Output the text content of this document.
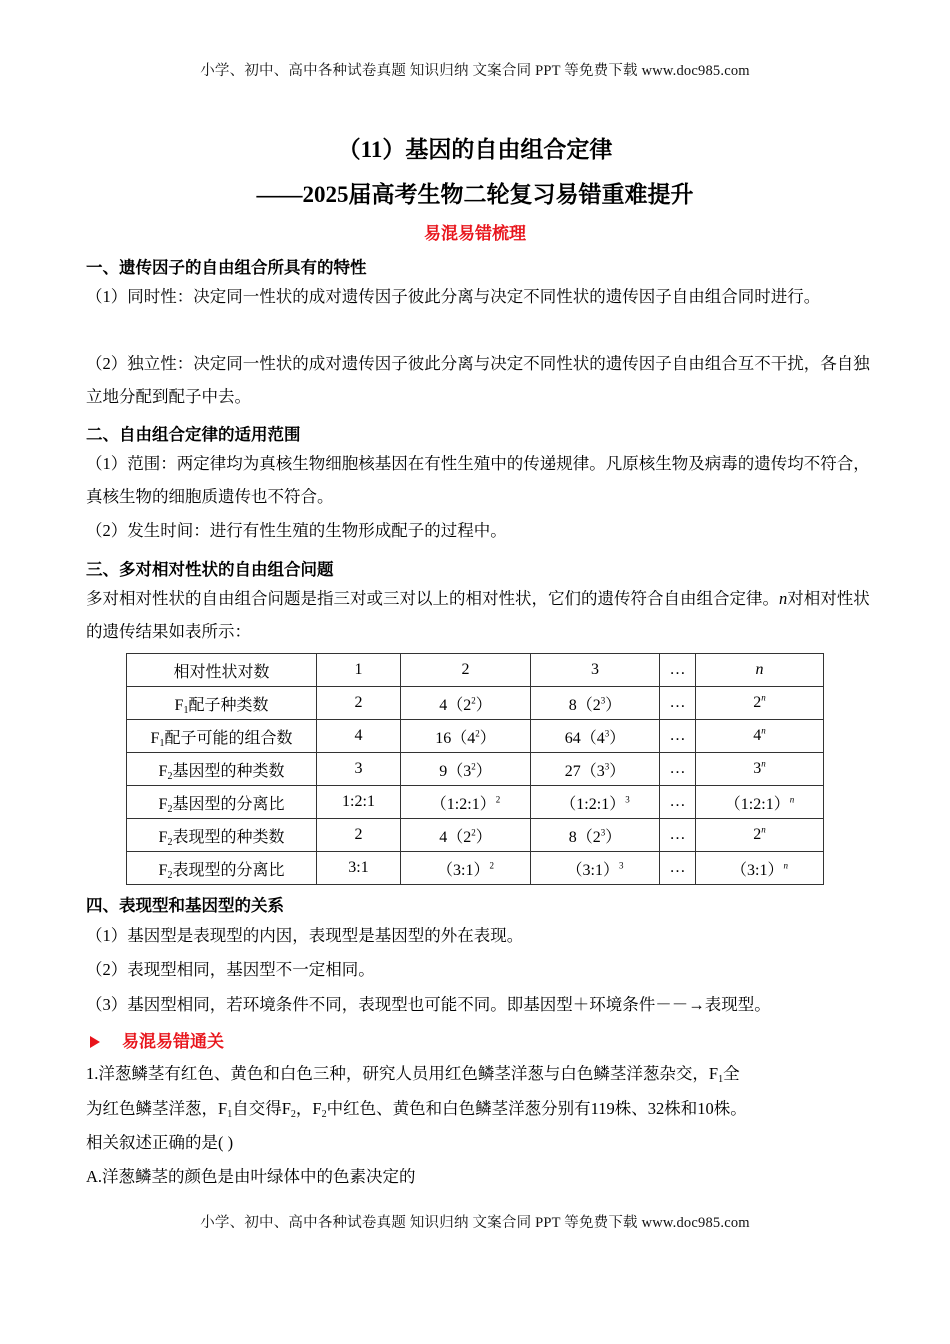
小学、初中、高中各种试卷真题 知识归纳 文案合同 PPT 等免费下载 www.doc985.com
（11）基因的自由组合定律
——2025届高考生物二轮复习易错重难提升
易混易错梳理
一、遗传因子的自由组合所具有的特性
（1）同时性：决定同一性状的成对遗传因子彼此分离与决定不同性状的遗传因子自由组合同时进行。
（2）独立性：决定同一性状的成对遗传因子彼此分离与决定不同性状的遗传因子自由组合互不干扰，各自独立地分配到配子中去。
二、自由组合定律的适用范围
（1）范围：两定律均为真核生物细胞核基因在有性生殖中的传递规律。凡原核生物及病毒的遗传均不符合，真核生物的细胞质遗传也不符合。
（2）发生时间：进行有性生殖的生物形成配子的过程中。
三、多对相对性状的自由组合问题
多对相对性状的自由组合问题是指三对或三对以上的相对性状，它们的遗传符合自由组合定律。n对相对性状的遗传结果如表所示：
相对性状对数	1	2	3	…	n
$F_1$配子种类数	2	$4(2^2)$	$8(2^3)$	…	2$^n$
$F_1$配子可能的组合数	4	$16(4^2)$	$64(4^3)$	…	4$^n$
$F_2$基因型的种类数	3	$9(3^2)$	$27(3^3)$	…	3$^n$
$F_2$基因型的分离比	1:2:1	（1:2:1）$^2$	（1:2:1）$^3$	…	（1:2:1）$^n$
$F_2$表现型的种类数	2	$4(2^2)$	$8(2^3)$	…	2$^n$
$F_2$表现型的分离比	3:1	（3:1）$^2$	（3:1）$^3$	…	（3:1）$^n$
四、表现型和基因型的关系
（1）基因型是表现型的内因，表现型是基因型的外在表现。
（2）表现型相同，基因型不一定相同。
（3）基因型相同，若环境条件不同，表现型也可能不同。即基因型＋环境条件－－→表现型。
易混易错通关
1.洋葱鳞茎有红色、黄色和白色三种，研究人员用红色鳞茎洋葱与白色鳞茎洋葱杂交，$F_1$全
为红色鳞茎洋葱，$F_1$自交得$F_2$，$F_2$中红色、黄色和白色鳞茎洋葱分别有119株、32株和10株。
相关叙述正确的是( )
A.洋葱鳞茎的颜色是由叶绿体中的色素决定的
小学、初中、高中各种试卷真题 知识归纳 文案合同 PPT 等免费下载 www.doc985.com
